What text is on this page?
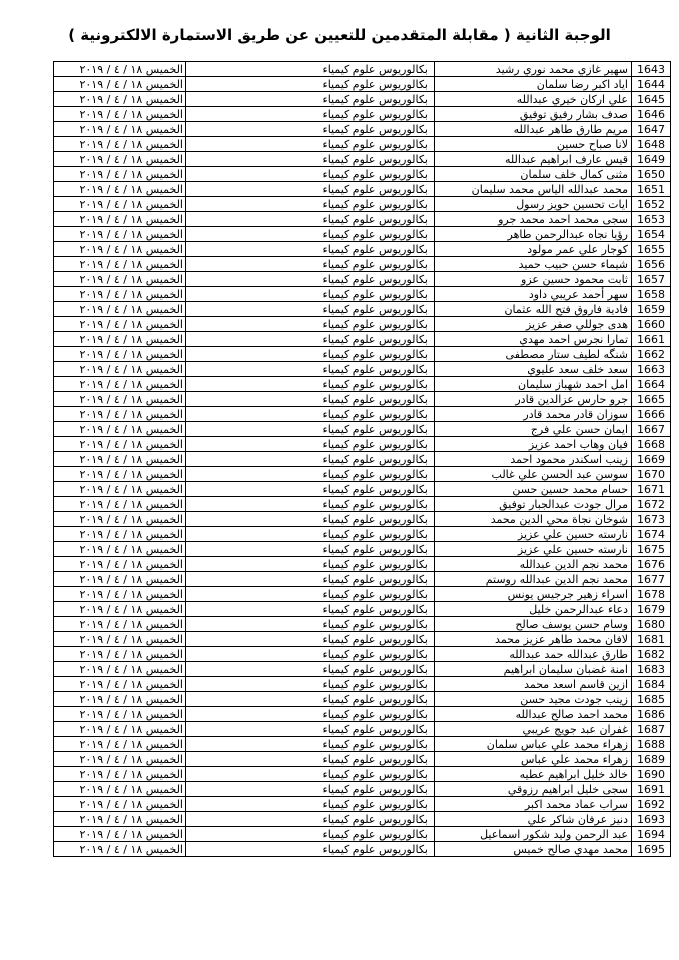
الوجبة الثانية ( مقابلة المتقدمين للتعيين عن طريق الاستمارة الالكترونية )
الخميس ١٨ / ٤ / ٢٠١٩	بكالوريوس علوم كيمياء	سهير غازي محمد نوري رشيد	1643
الخميس ١٨ / ٤ / ٢٠١٩	بكالوريوس علوم كيمياء	اياد اكبر رضا سلمان	1644
الخميس ١٨ / ٤ / ٢٠١٩	بكالوريوس علوم كيمياء	علي اركان خيري عبدالله	1645
الخميس ١٨ / ٤ / ٢٠١٩	بكالوريوس علوم كيمياء	صدف بشار رفيق توفيق	1646
الخميس ١٨ / ٤ / ٢٠١٩	بكالوريوس علوم كيمياء	مريم طارق طاهر عبدالله	1647
الخميس ١٨ / ٤ / ٢٠١٩	بكالوريوس علوم كيمياء	لانا صباح حسين	1648
الخميس ١٨ / ٤ / ٢٠١٩	بكالوريوس علوم كيمياء	قيس عارف ابراهيم عبدالله	1649
الخميس ١٨ / ٤ / ٢٠١٩	بكالوريوس علوم كيمياء	مثنى كمال خلف سلمان	1650
الخميس ١٨ / ٤ / ٢٠١٩	بكالوريوس علوم كيمياء	محمد عبدالله الياس محمد سليمان	1651
الخميس ١٨ / ٤ / ٢٠١٩	بكالوريوس علوم كيمياء	ايات تحسين حويز رسول	1652
الخميس ١٨ / ٤ / ٢٠١٩	بكالوريوس علوم كيمياء	سجى محمد احمد محمد جرو	1653
الخميس ١٨ / ٤ / ٢٠١٩	بكالوريوس علوم كيمياء	رؤيا نجاه عبدالرحمن طاهر	1654
الخميس ١٨ / ٤ / ٢٠١٩	بكالوريوس علوم كيمياء	كوجار علي عمر مولود	1655
الخميس ١٨ / ٤ / ٢٠١٩	بكالوريوس علوم كيمياء	شيماء حسن حبيب حميد	1656
الخميس ١٨ / ٤ / ٢٠١٩	بكالوريوس علوم كيمياء	ثابت محمود حسين عزو	1657
الخميس ١٨ / ٤ / ٢٠١٩	بكالوريوس علوم كيمياء	سهر أحمد عريبي داود	1658
الخميس ١٨ / ٤ / ٢٠١٩	بكالوريوس علوم كيمياء	فادية فاروق فتح الله عثمان	1659
الخميس ١٨ / ٤ / ٢٠١٩	بكالوريوس علوم كيمياء	هدى جوللي صفر عزيز	1660
الخميس ١٨ / ٤ / ٢٠١٩	بكالوريوس علوم كيمياء	تمارا نجرس احمد مهدي	1661
الخميس ١٨ / ٤ / ٢٠١٩	بكالوريوس علوم كيمياء	شنگه لطيف ستار مصطفى	1662
الخميس ١٨ / ٤ / ٢٠١٩	بكالوريوس علوم كيمياء	سعد خلف سعد عليوي	1663
الخميس ١٨ / ٤ / ٢٠١٩	بكالوريوس علوم كيمياء	امل احمد شهباز سليمان	1664
الخميس ١٨ / ٤ / ٢٠١٩	بكالوريوس علوم كيمياء	جرو حارس عزالدين قادر	1665
الخميس ١٨ / ٤ / ٢٠١٩	بكالوريوس علوم كيمياء	سوزان قادر محمد قادر	1666
الخميس ١٨ / ٤ / ٢٠١٩	بكالوريوس علوم كيمياء	ايمان حسن علي فرج	1667
الخميس ١٨ / ٤ / ٢٠١٩	بكالوريوس علوم كيمياء	فيان وهاب احمد عزيز	1668
الخميس ١٨ / ٤ / ٢٠١٩	بكالوريوس علوم كيمياء	زينب اسكندر محمود احمد	1669
الخميس ١٨ / ٤ / ٢٠١٩	بكالوريوس علوم كيمياء	سوسن عبد الحسن علي غالب	1670
الخميس ١٨ / ٤ / ٢٠١٩	بكالوريوس علوم كيمياء	حسام محمد حسين حسن	1671
الخميس ١٨ / ٤ / ٢٠١٩	بكالوريوس علوم كيمياء	مرال جودت عبدالجبار توفيق	1672
الخميس ١٨ / ٤ / ٢٠١٩	بكالوريوس علوم كيمياء	شوخان نجاة محي الدين محمد	1673
الخميس ١٨ / ٤ / ٢٠١٩	بكالوريوس علوم كيمياء	نارسته حسين علي عزيز	1674
الخميس ١٨ / ٤ / ٢٠١٩	بكالوريوس علوم كيمياء	نارسته حسين علي عزيز	1675
الخميس ١٨ / ٤ / ٢٠١٩	بكالوريوس علوم كيمياء	محمد نجم الدين عبدالله	1676
الخميس ١٨ / ٤ / ٢٠١٩	بكالوريوس علوم كيمياء	محمد نجم الدين عبدالله روستم	1677
الخميس ١٨ / ٤ / ٢٠١٩	بكالوريوس علوم كيمياء	اسراء زهير جرجيس يونس	1678
الخميس ١٨ / ٤ / ٢٠١٩	بكالوريوس علوم كيمياء	دعاء عبدالرحمن خليل	1679
الخميس ١٨ / ٤ / ٢٠١٩	بكالوريوس علوم كيمياء	وسام حسن يوسف صالح	1680
الخميس ١٨ / ٤ / ٢٠١٩	بكالوريوس علوم كيمياء	لافان محمد طاهر عزيز محمد	1681
الخميس ١٨ / ٤ / ٢٠١٩	بكالوريوس علوم كيمياء	طارق عبدالله حمد عبدالله	1682
الخميس ١٨ / ٤ / ٢٠١٩	بكالوريوس علوم كيمياء	امنة غضبان سليمان ابراهيم	1683
الخميس ١٨ / ٤ / ٢٠١٩	بكالوريوس علوم كيمياء	ازين قاسم اسعد محمد	1684
الخميس ١٨ / ٤ / ٢٠١٩	بكالوريوس علوم كيمياء	زينب جودت مجيد حسن	1685
الخميس ١٨ / ٤ / ٢٠١٩	بكالوريوس علوم كيمياء	محمد احمد صالح عبدالله	1686
الخميس ١٨ / ٤ / ٢٠١٩	بكالوريوس علوم كيمياء	غفران عبد جويج عريبي	1687
الخميس ١٨ / ٤ / ٢٠١٩	بكالوريوس علوم كيمياء	زهراء محمد علي عباس سلمان	1688
الخميس ١٨ / ٤ / ٢٠١٩	بكالوريوس علوم كيمياء	زهراء محمد علي عباس	1689
الخميس ١٨ / ٤ / ٢٠١٩	بكالوريوس علوم كيمياء	خالد خليل ابراهيم عطيه	1690
الخميس ١٨ / ٤ / ٢٠١٩	بكالوريوس علوم كيمياء	سجى خليل ابراهيم رزوقي	1691
الخميس ١٨ / ٤ / ٢٠١٩	بكالوريوس علوم كيمياء	سراب عماد محمد اكبر	1692
الخميس ١٨ / ٤ / ٢٠١٩	بكالوريوس علوم كيمياء	دنيز عرفان شاكر علي	1693
الخميس ١٨ / ٤ / ٢٠١٩	بكالوريوس علوم كيمياء	عبد الرحمن وليد شكور اسماعيل	1694
الخميس ١٨ / ٤ / ٢٠١٩	بكالوريوس علوم كيمياء	محمد مهدي صالح خميس	1695
